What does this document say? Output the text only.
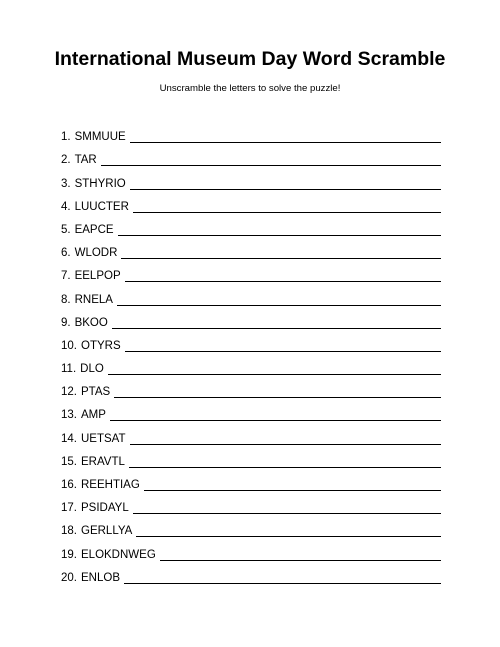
International Museum Day Word Scramble
Unscramble the letters to solve the puzzle!
1. SMMUUE
2. TAR
3. STHYRIO
4. LUUCTER
5. EAPCE
6. WLODR
7. EELPOP
8. RNELA
9. BKOO
10. OTYRS
11. DLO
12. PTAS
13. AMP
14. UETSAT
15. ERAVTL
16. REEHTIAG
17. PSIDAYL
18. GERLLYA
19. ELOKDNWEG
20. ENLOB
